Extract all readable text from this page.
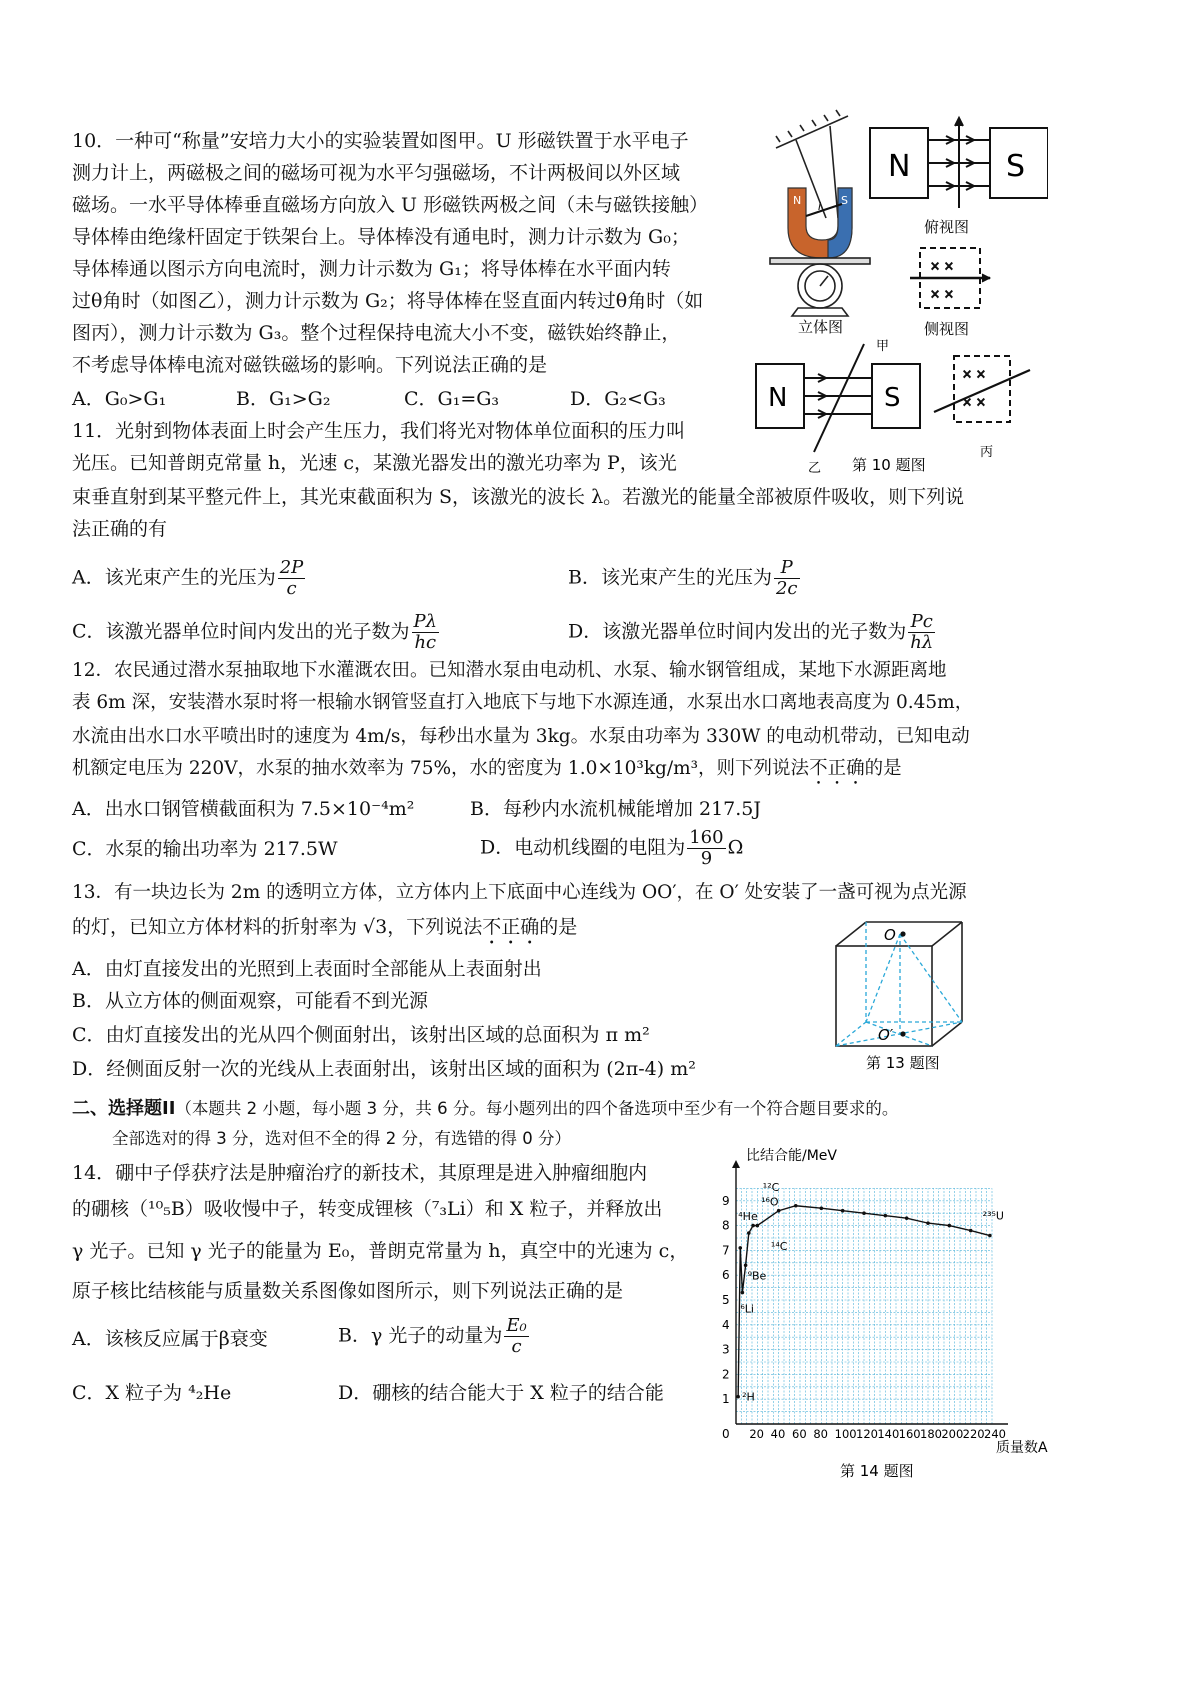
10．一种可“称量”安培力大小的实验装置如图甲。U 形磁铁置于水平电子
测力计上，两磁极之间的磁场可视为水平匀强磁场，不计两极间以外区域
磁场。一水平导体棒垂直磁场方向放入 U 形磁铁两极之间（未与磁铁接触）
导体棒由绝缘杆固定于铁架台上。导体棒没有通电时，测力计示数为 G₀；
导体棒通以图示方向电流时，测力计示数为 G₁；将导体棒在水平面内转
过θ角时（如图乙），测力计示数为 G₂；将导体棒在竖直面内转过θ角时（如
图丙），测力计示数为 G₃。整个过程保持电流大小不变，磁铁始终静止，
不考虑导体棒电流对磁铁磁场的影响。下列说法正确的是
A．G₀>G₁	B．G₁>G₂	C．G₁=G₃	D．G₂<G₃
N	S
I
立体图
N	S
俯视图
× ×
× ×
侧视图
N	S
甲
乙 第 10 题图
× ×
× ×
丙
11．光射到物体表面上时会产生压力，我们将光对物体单位面积的压力叫
光压。已知普朗克常量 h，光速 c，某激光器发出的激光功率为 P，该光
束垂直射到某平整元件上，其光束截面积为 S，该激光的波长 λ。若激光的能量全部被原件吸收，则下列说
法正确的有
A．该光束产生的光压为 $\frac{2P}{c}$	B．该光束产生的光压为 $\frac{P}{2c}$
C．该激光器单位时间内发出的光子数为 $\frac{P\lambda}{hc}$	D．该激光器单位时间内发出的光子数为 $\frac{Pc}{h\lambda}$
12．农民通过潜水泵抽取地下水灌溉农田。已知潜水泵由电动机、水泵、输水钢管组成，某地下水源距离地
表 6m 深，安装潜水泵时将一根输水钢管竖直打入地底下与地下水源连通，水泵出水口离地表高度为 0.45m，
水流由出水口水平喷出时的速度为 4m/s，每秒出水量为 3kg。水泵由功率为 330W 的电动机带动，已知电动
机额定电压为 220V，水泵的抽水效率为 75%，水的密度为 1.0×10³kg/m³，则下列说法不正确的是
A．出水口钢管横截面积为 7.5×10⁻⁴m²	B．每秒内水流机械能增加 217.5J
C．水泵的输出功率为 217.5W	D．电动机线圈的电阻为 $\frac{160}{9}$ Ω
13．有一块边长为 2m 的透明立方体，立方体内上下底面中心连线为 OO′，在 O′ 处安装了一盏可视为点光源
的灯，已知立方体材料的折射率为 √3，下列说法不正确的是
A．由灯直接发出的光照到上表面时全部能从上表面射出
B．从立方体的侧面观察，可能看不到光源
C．由灯直接发出的光从四个侧面射出，该射出区域的总面积为 π m²
D．经侧面反射一次的光线从上表面射出，该射出区域的面积为 (2π-4) m²
O
O′
第 13 题图
二、选择题II（本题共 2 小题，每小题 3 分，共 6 分。每小题列出的四个备选项中至少有一个符合题目要求的。
全部选对的得 3 分，选对但不全的得 2 分，有选错的得 0 分）
14．硼中子俘获疗法是肿瘤治疗的新技术，其原理是进入肿瘤细胞内
的硼核（¹⁰₅B）吸收慢中子，转变成锂核（⁷₃Li）和 X 粒子，并释放出
γ 光子。已知 γ 光子的能量为 E₀，普朗克常量为 h，真空中的光速为 c，
原子核比结核能与质量数关系图像如图所示，则下列说法正确的是
A．该核反应属于β衰变	B．γ 光子的动量为 $\frac{\text{E₀}}{c}$
C．X 粒子为 ⁴₂He	D．硼核的结合能大于 X 粒子的结合能
0 20 40 60 80 100 120 140 160 180 200 220 240
1
2
3
4
5
6
7
8
9
²H
⁴He
⁶Li
⁹Be
¹²C
¹⁶O
¹⁴C
²³⁵U
比结合能/MeV
质量数A
第 14 题图
